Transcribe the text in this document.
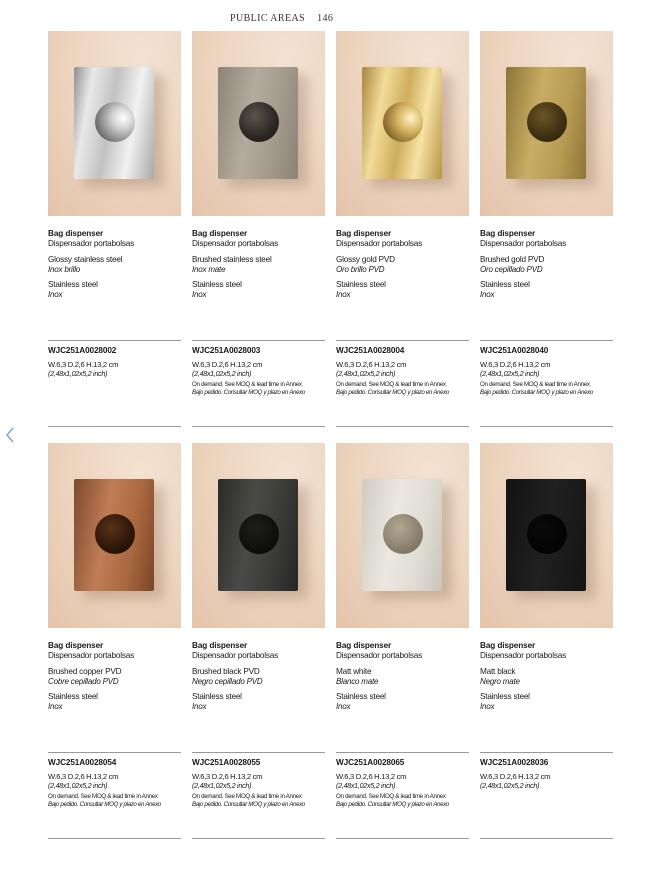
PUBLIC AREAS 146
Bag dispenser
Dispensador portabolsas
Glossy stainless steel
Inox brillo
Stainless steel
Inox
WJC251A0028002
W.6,3 D.2,6 H.13,2 cm
(2,48x1,02x5,2 inch)
Bag dispenser
Dispensador portabolsas
Brushed stainless steel
Inox mate
Stainless steel
Inox
WJC251A0028003
W.6,3 D.2,6 H.13,2 cm
(2,48x1,02x5,2 inch)
On demand. See MOQ & lead time in Annex
Bajo pedido. Consultar MOQ y plazo en Anexo
Bag dispenser
Dispensador portabolsas
Glossy gold PVD
Oro brillo PVD
Stainless steel
Inox
WJC251A0028004
W.6,3 D.2,6 H.13,2 cm
(2,48x1,02x5,2 inch)
On demand. See MOQ & lead time in Annex
Bajo pedido. Consultar MOQ y plazo en Anexo
Bag dispenser
Dispensador portabolsas
Brushed gold PVD
Oro cepillado PVD
Stainless steel
Inox
WJC251A0028040
W.6,3 D.2,6 H.13,2 cm
(2,48x1,02x5,2 inch)
On demand. See MOQ & lead time in Annex
Bajo pedido. Consultar MOQ y plazo en Anexo
Bag dispenser
Dispensador portabolsas
Brushed copper PVD
Cobre cepillado PVD
Stainless steel
Inox
WJC251A0028054
W.6,3 D.2,6 H.13,2 cm
(2,48x1,02x5,2 inch)
On demand. See MOQ & lead time in Annex
Bajo pedido. Consultar MOQ y plazo en Anexo
Bag dispenser
Dispensador portabolsas
Brushed black PVD
Negro cepillado PVD
Stainless steel
Inox
WJC251A0028055
W.6,3 D.2,6 H.13,2 cm
(2,48x1,02x5,2 inch)
On demand. See MOQ & lead time in Annex
Bajo pedido. Consultar MOQ y plazo en Anexo
Bag dispenser
Dispensador portabolsas
Matt white
Blanco mate
Stainless steel
Inox
WJC251A0028065
W.6,3 D.2,6 H.13,2 cm
(2,48x1,02x5,2 inch)
On demand. See MOQ & lead time in Annex
Bajo pedido. Consultar MOQ y plazo en Anexo
Bag dispenser
Dispensador portabolsas
Matt black
Negro mate
Stainless steel
Inox
WJC251A0028036
W.6,3 D.2,6 H.13,2 cm
(2,48x1,02x5,2 inch)
